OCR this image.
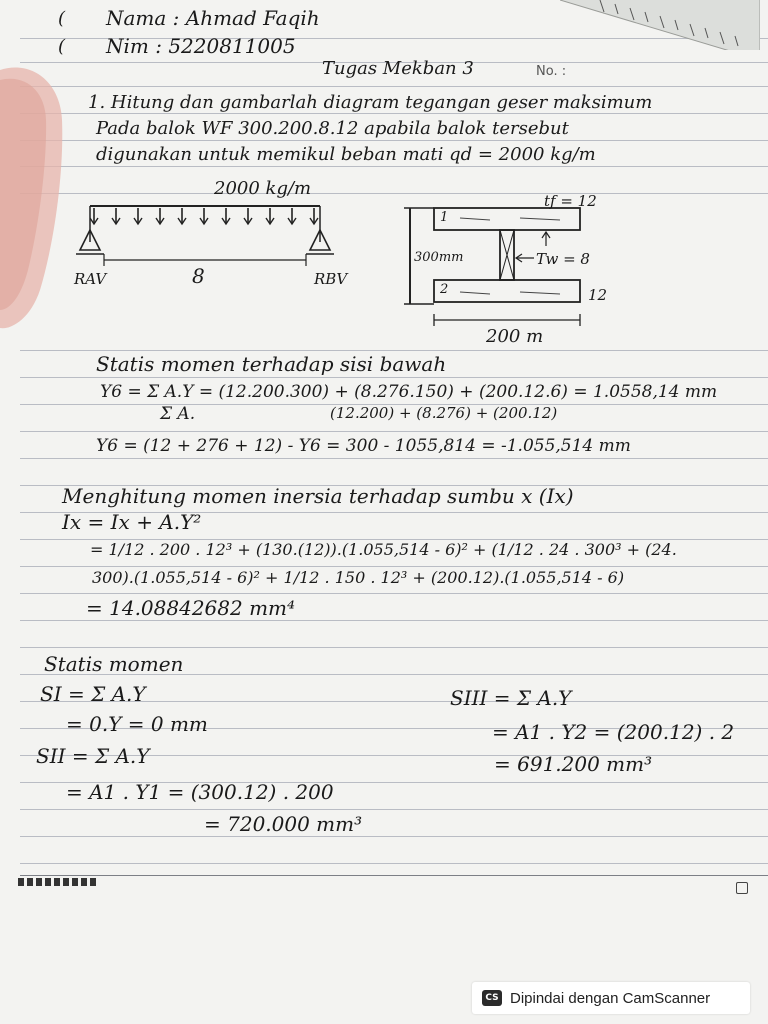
(
(
Nama : Ahmad Faqih
Nim : 5220811005
Tugas Mekban 3	No. :
1. Hitung dan gambarlah diagram tegangan geser maksimum
Pada balok WF 300.200.8.12 apabila balok tersebut
digunakan untuk memikul beban mati qd = 2000 kg/m
2000 kg/m
8
RAV	RBV
tf = 12
Tw = 8
300mm
12
200 m
1
2
Statis momen terhadap sisi bawah
Y6 = Σ A.Y = (12.200.300) + (8.276.150) + (200.12.6) = 1.0558,14 mm
Σ A.	(12.200) + (8.276) + (200.12)
Y6 = (12 + 276 + 12) - Y6 = 300 - 1055,814 = -1.055,514 mm
Menghitung momen inersia terhadap sumbu x (Ix)
Ix = Ix + A.Y²
= 1/12 . 200 . 12³ + (130.(12)).(1.055,514 - 6)² + (1/12 . 24 . 300³ + (24.
300).(1.055,514 - 6)² + 1/12 . 150 . 12³ + (200.12).(1.055,514 - 6)
= 14.08842682 mm⁴
Statis momen
SI = Σ A.Y
= 0.Y = 0 mm
SII = Σ A.Y
= A1 . Y1 = (300.12) . 200
= 720.000 mm³
SIII = Σ A.Y
= A1 . Y2 = (200.12) . 2
= 691.200 mm³
CS Dipindai dengan CamScanner
